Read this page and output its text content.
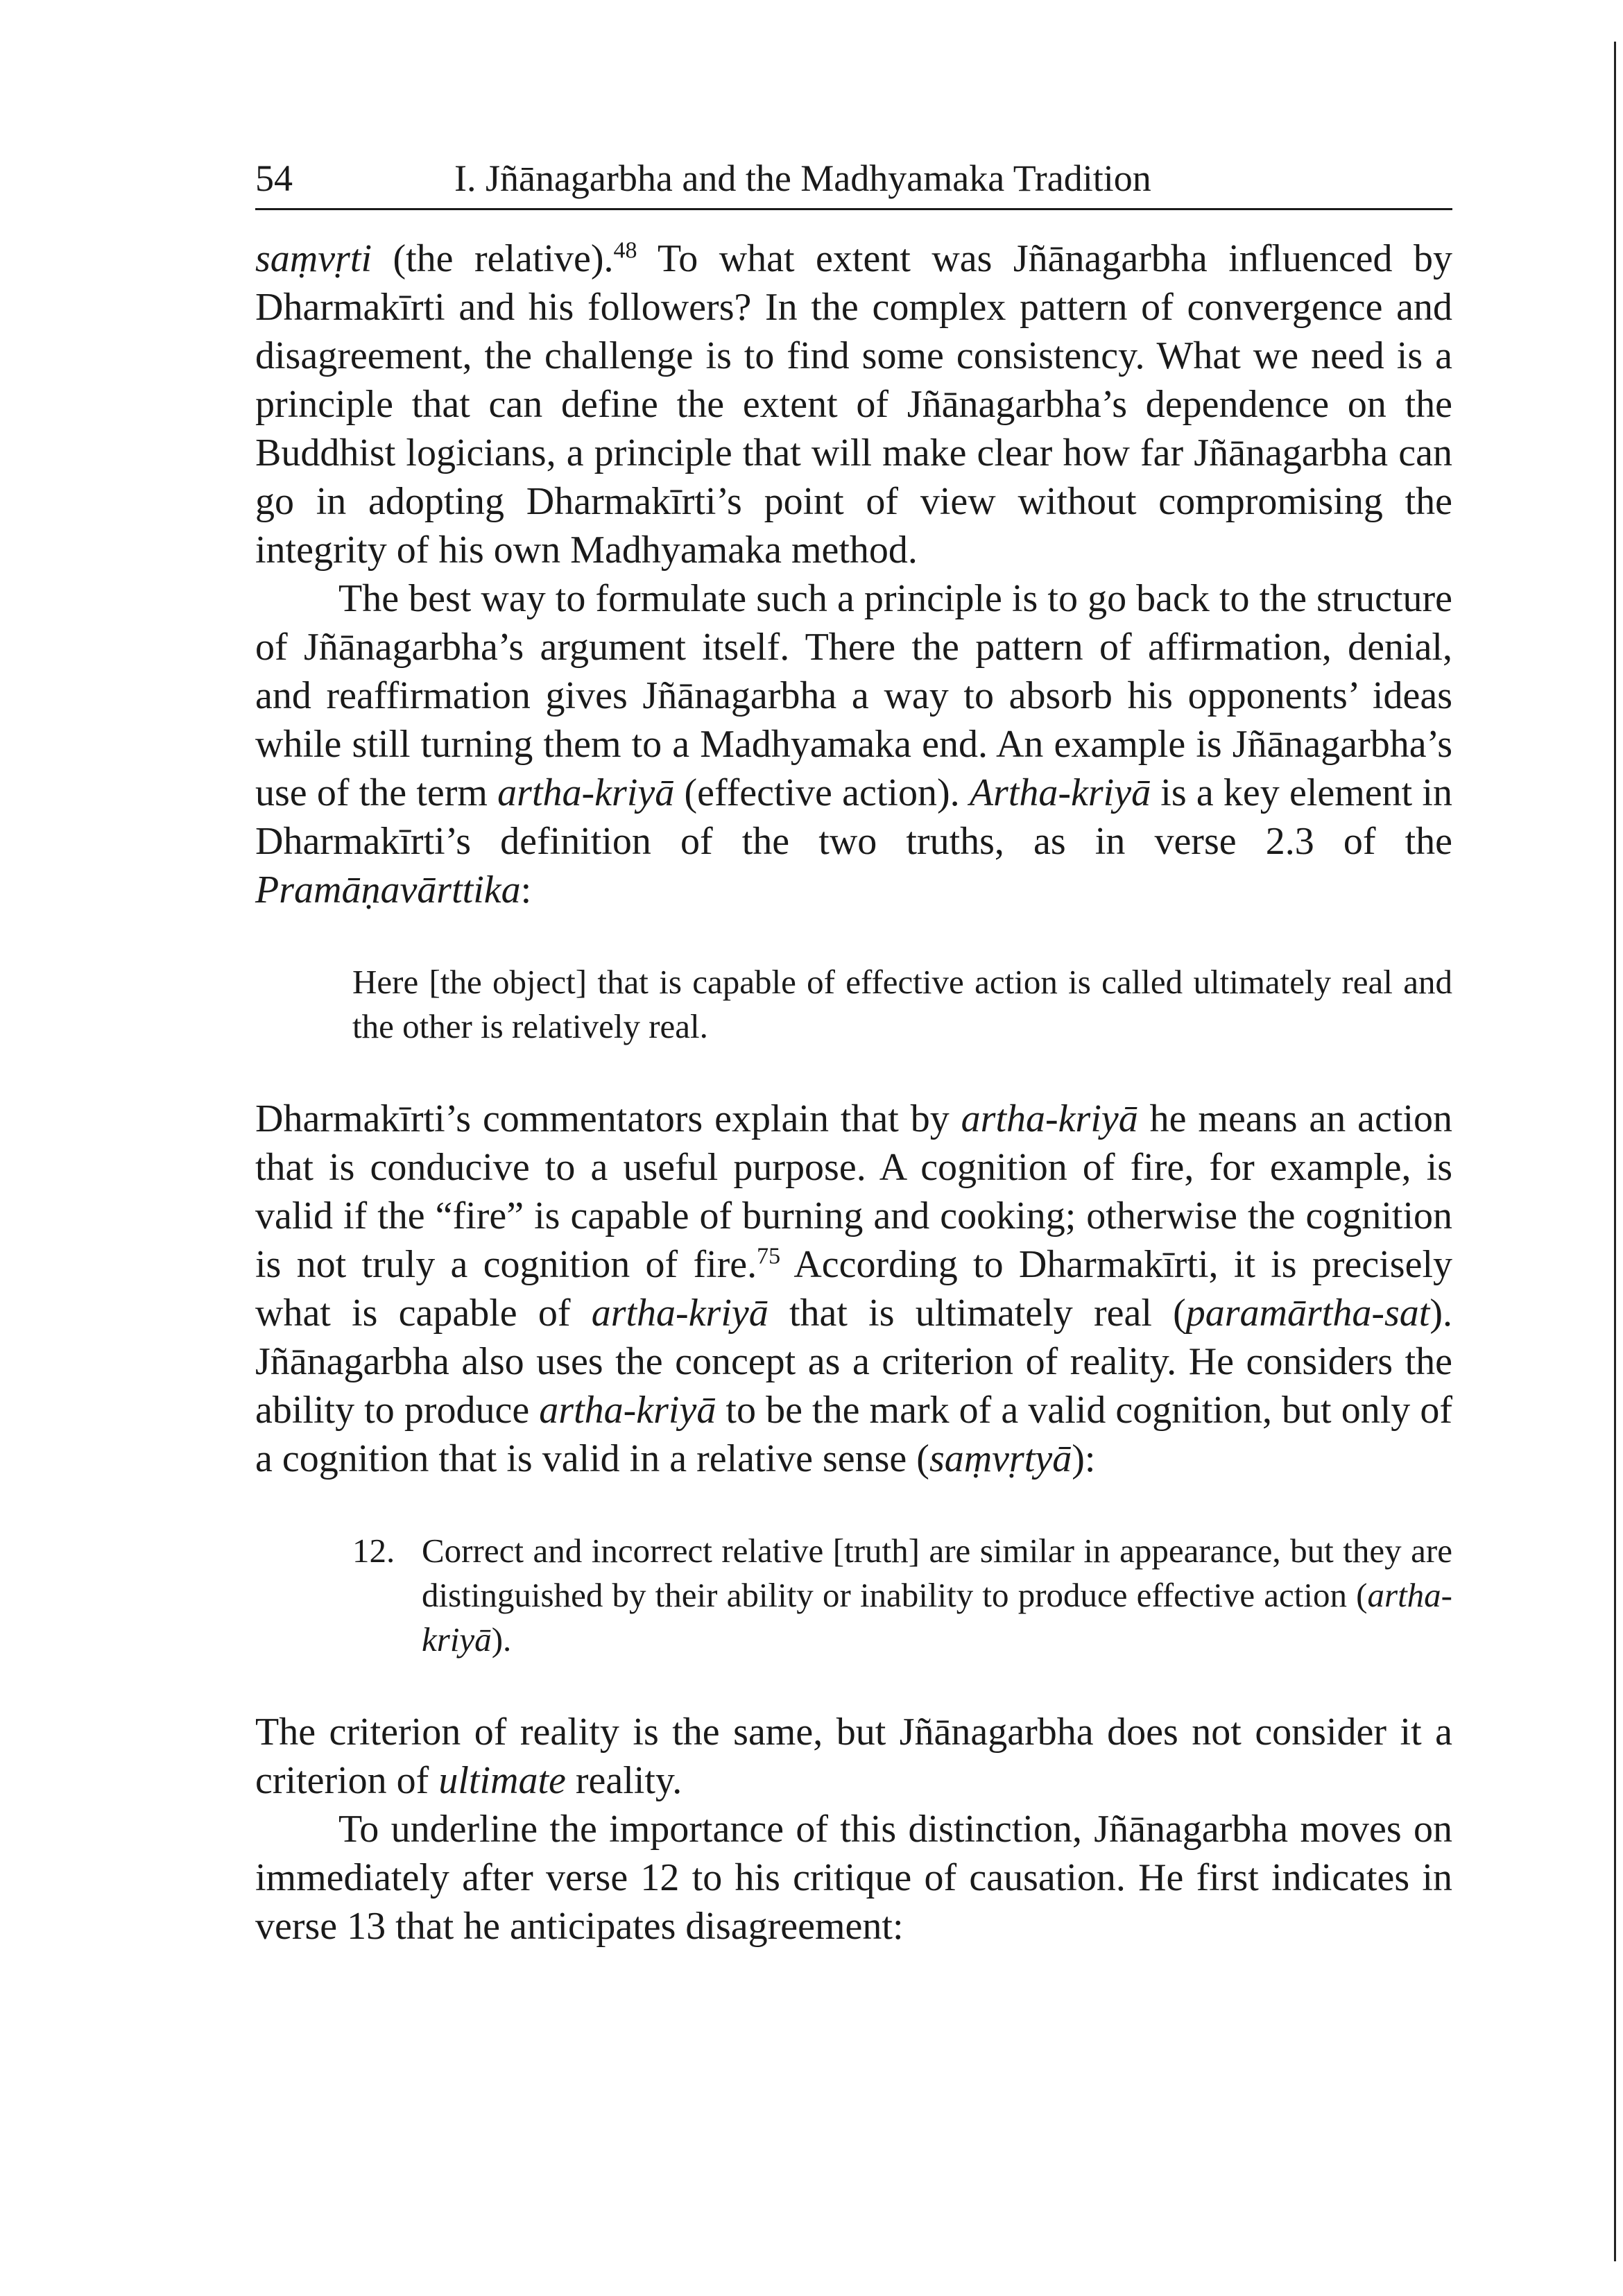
54	I. Jñānagarbha and the Madhyamaka Tradition

saṃvṛti (the relative).$^{48}$ To what extent was Jñānagarbha influenced by Dharmakīrti and his followers? In the complex pattern of convergence and disagreement, the challenge is to find some consistency. What we need is a principle that can define the extent of Jñānagarbha’s dependence on the Buddhist logicians, a principle that will make clear how far Jñānagarbha can go in adopting Dharmakīrti’s point of view without compromising the integrity of his own Madhyamaka method.

The best way to formulate such a principle is to go back to the structure of Jñānagarbha’s argument itself. There the pattern of affirmation, denial, and reaffirmation gives Jñānagarbha a way to absorb his opponents’ ideas while still turning them to a Madhyamaka end. An example is Jñānagarbha’s use of the term artha-kriyā (effective action). Artha-kriyā is a key element in Dharmakīrti’s definition of the two truths, as in verse 2.3 of the Pramāṇavārttika:

Here [the object] that is capable of effective action is called ultimately real and the other is relatively real.

Dharmakīrti’s commentators explain that by artha-kriyā he means an action that is conducive to a useful purpose. A cognition of fire, for example, is valid if the “fire” is capable of burning and cooking; otherwise the cognition is not truly a cognition of fire.$^{75}$ According to Dharmakīrti, it is precisely what is capable of artha-kriyā that is ultimately real (paramārtha-sat). Jñānagarbha also uses the concept as a criterion of reality. He considers the ability to produce artha-kriyā to be the mark of a valid cognition, but only of a cognition that is valid in a relative sense (saṃvṛtyā):

12. Correct and incorrect relative [truth] are similar in appearance, but they are distinguished by their ability or inability to produce effective action (artha-kriyā).

The criterion of reality is the same, but Jñānagarbha does not consider it a criterion of ultimate reality.

To underline the importance of this distinction, Jñānagarbha moves on immediately after verse 12 to his critique of causation. He first indicates in verse 13 that he anticipates disagreement:
